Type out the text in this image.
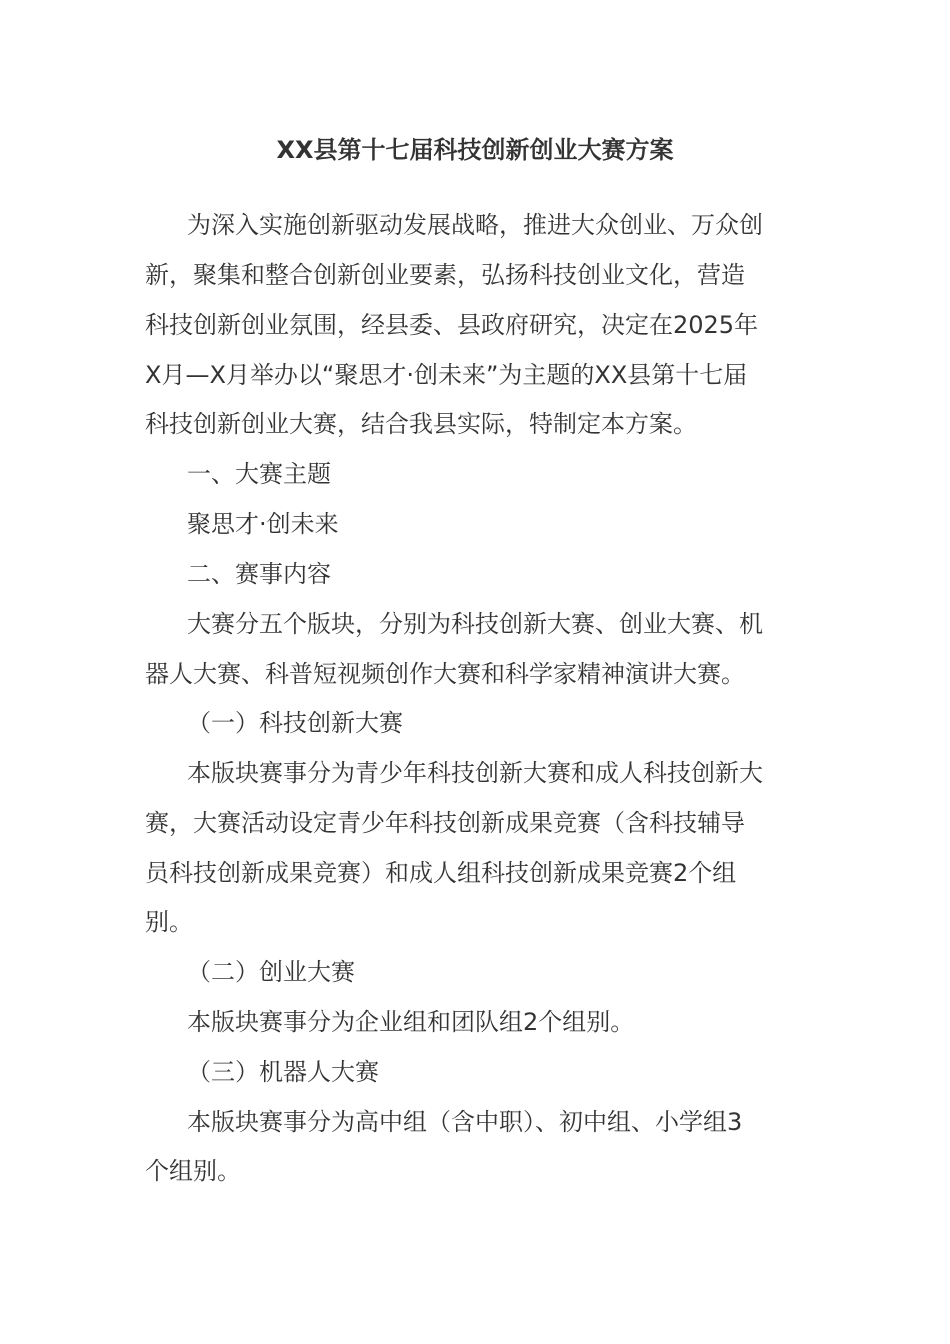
XX县第十七届科技创新创业大赛方案
为深入实施创新驱动发展战略，推进大众创业、万众创
新，聚集和整合创新创业要素，弘扬科技创业文化，营造
科技创新创业氛围，经县委、县政府研究，决定在2025年
X月—X月举办以“聚思才·创未来”为主题的XX县第十七届
科技创新创业大赛，结合我县实际，特制定本方案。
一、大赛主题
聚思才·创未来
二、赛事内容
大赛分五个版块，分别为科技创新大赛、创业大赛、机
器人大赛、科普短视频创作大赛和科学家精神演讲大赛。
（一）科技创新大赛
本版块赛事分为青少年科技创新大赛和成人科技创新大
赛，大赛活动设定青少年科技创新成果竞赛（含科技辅导
员科技创新成果竞赛）和成人组科技创新成果竞赛2个组
别。
（二）创业大赛
本版块赛事分为企业组和团队组2个组别。
（三）机器人大赛
本版块赛事分为高中组（含中职）、初中组、小学组3
个组别。
